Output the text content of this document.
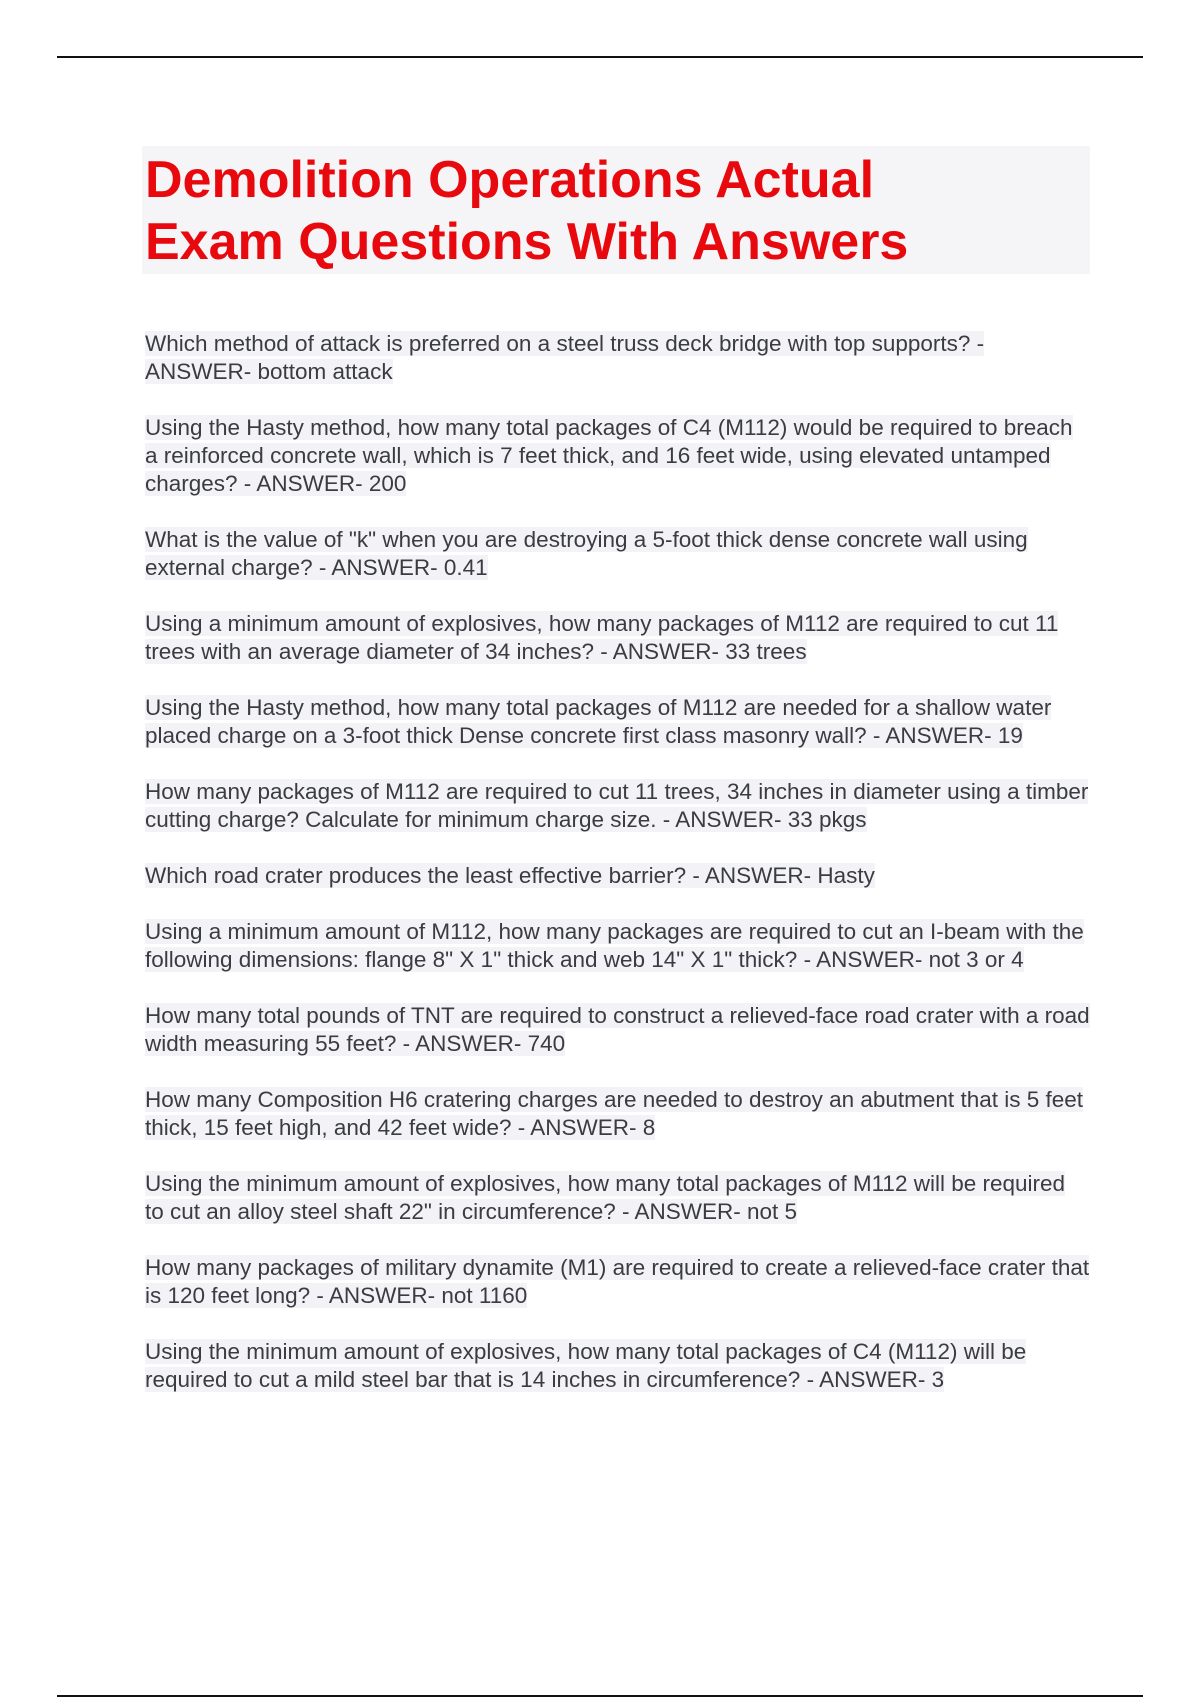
Demolition Operations Actual
Exam Questions With Answers
Which method of attack is preferred on a steel truss deck bridge with top supports? - ANSWER- bottom attack
Using the Hasty method, how many total packages of C4 (M112) would be required to breach a reinforced concrete wall, which is 7 feet thick, and 16 feet wide, using elevated untamped charges? - ANSWER- 200
What is the value of "k" when you are destroying a 5-foot thick dense concrete wall using external charge? - ANSWER- 0.41
Using a minimum amount of explosives, how many packages of M112 are required to cut 11 trees with an average diameter of 34 inches? - ANSWER- 33 trees
Using the Hasty method, how many total packages of M112 are needed for a shallow water placed charge on a 3-foot thick Dense concrete first class masonry wall? - ANSWER- 19
How many packages of M112 are required to cut 11 trees, 34 inches in diameter using a timber cutting charge? Calculate for minimum charge size. - ANSWER- 33 pkgs
Which road crater produces the least effective barrier? - ANSWER- Hasty
Using a minimum amount of M112, how many packages are required to cut an I-beam with the following dimensions: flange 8" X 1" thick and web 14" X 1" thick? - ANSWER- not 3 or 4
How many total pounds of TNT are required to construct a relieved-face road crater with a road width measuring 55 feet? - ANSWER- 740
How many Composition H6 cratering charges are needed to destroy an abutment that is 5 feet thick, 15 feet high, and 42 feet wide? - ANSWER- 8
Using the minimum amount of explosives, how many total packages of M112 will be required to cut an alloy steel shaft 22" in circumference? - ANSWER- not 5
How many packages of military dynamite (M1) are required to create a relieved-face crater that is 120 feet long? - ANSWER- not 1160
Using the minimum amount of explosives, how many total packages of C4 (M112) will be required to cut a mild steel bar that is 14 inches in circumference? - ANSWER- 3
